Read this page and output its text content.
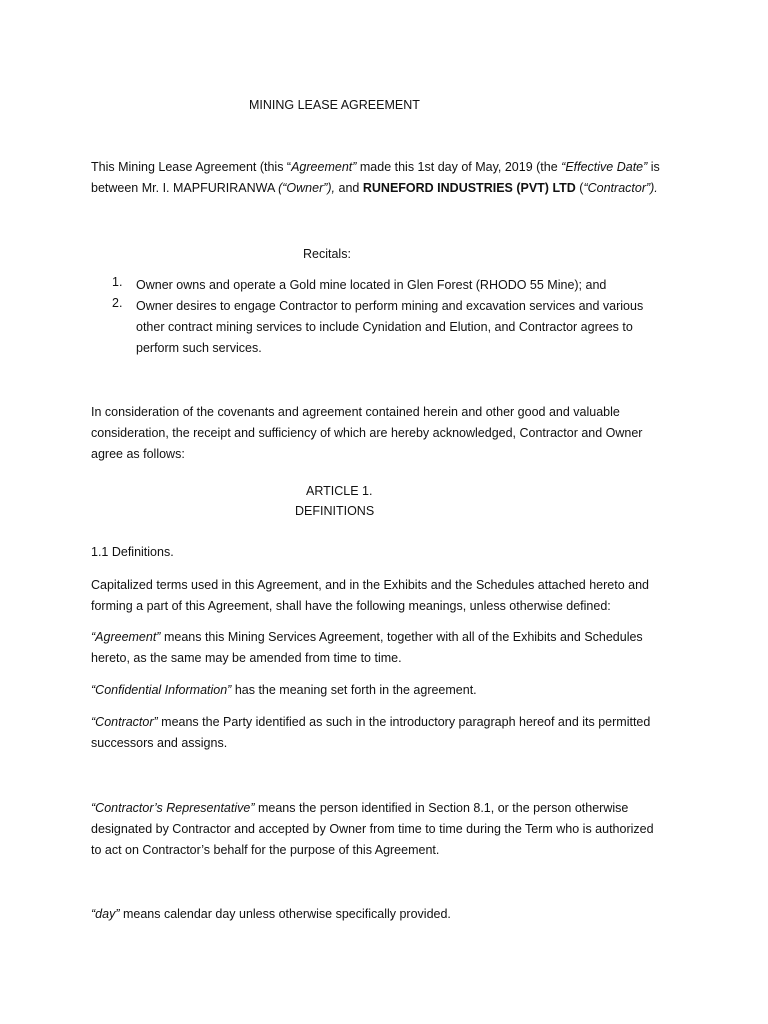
MINING LEASE AGREEMENT
This Mining Lease Agreement (this “Agreement” made this 1st day of May, 2019 (the “Effective Date” is
between Mr. I. MAPFURIRANWA (“Owner”), and RUNEFORD INDUSTRIES (PVT) LTD (“Contractor”).
Recitals:
1. Owner owns and operate a Gold mine located in Glen Forest (RHODO 55 Mine); and
2. Owner desires to engage Contractor to perform mining and excavation services and various
other contract mining services to include Cynidation and Elution, and Contractor agrees to
perform such services.
In consideration of the covenants and agreement contained herein and other good and valuable
consideration, the receipt and sufficiency of which are hereby acknowledged, Contractor and Owner
agree as follows:
ARTICLE 1.
DEFINITIONS
1.1 Definitions.
Capitalized terms used in this Agreement, and in the Exhibits and the Schedules attached hereto and
forming a part of this Agreement, shall have the following meanings, unless otherwise defined:
“Agreement” means this Mining Services Agreement, together with all of the Exhibits and Schedules
hereto, as the same may be amended from time to time.
“Confidential Information” has the meaning set forth in the agreement.
“Contractor” means the Party identified as such in the introductory paragraph hereof and its permitted
successors and assigns.
“Contractor’s Representative” means the person identified in Section 8.1, or the person otherwise
designated by Contractor and accepted by Owner from time to time during the Term who is authorized
to act on Contractor’s behalf for the purpose of this Agreement.
“day” means calendar day unless otherwise specifically provided.
